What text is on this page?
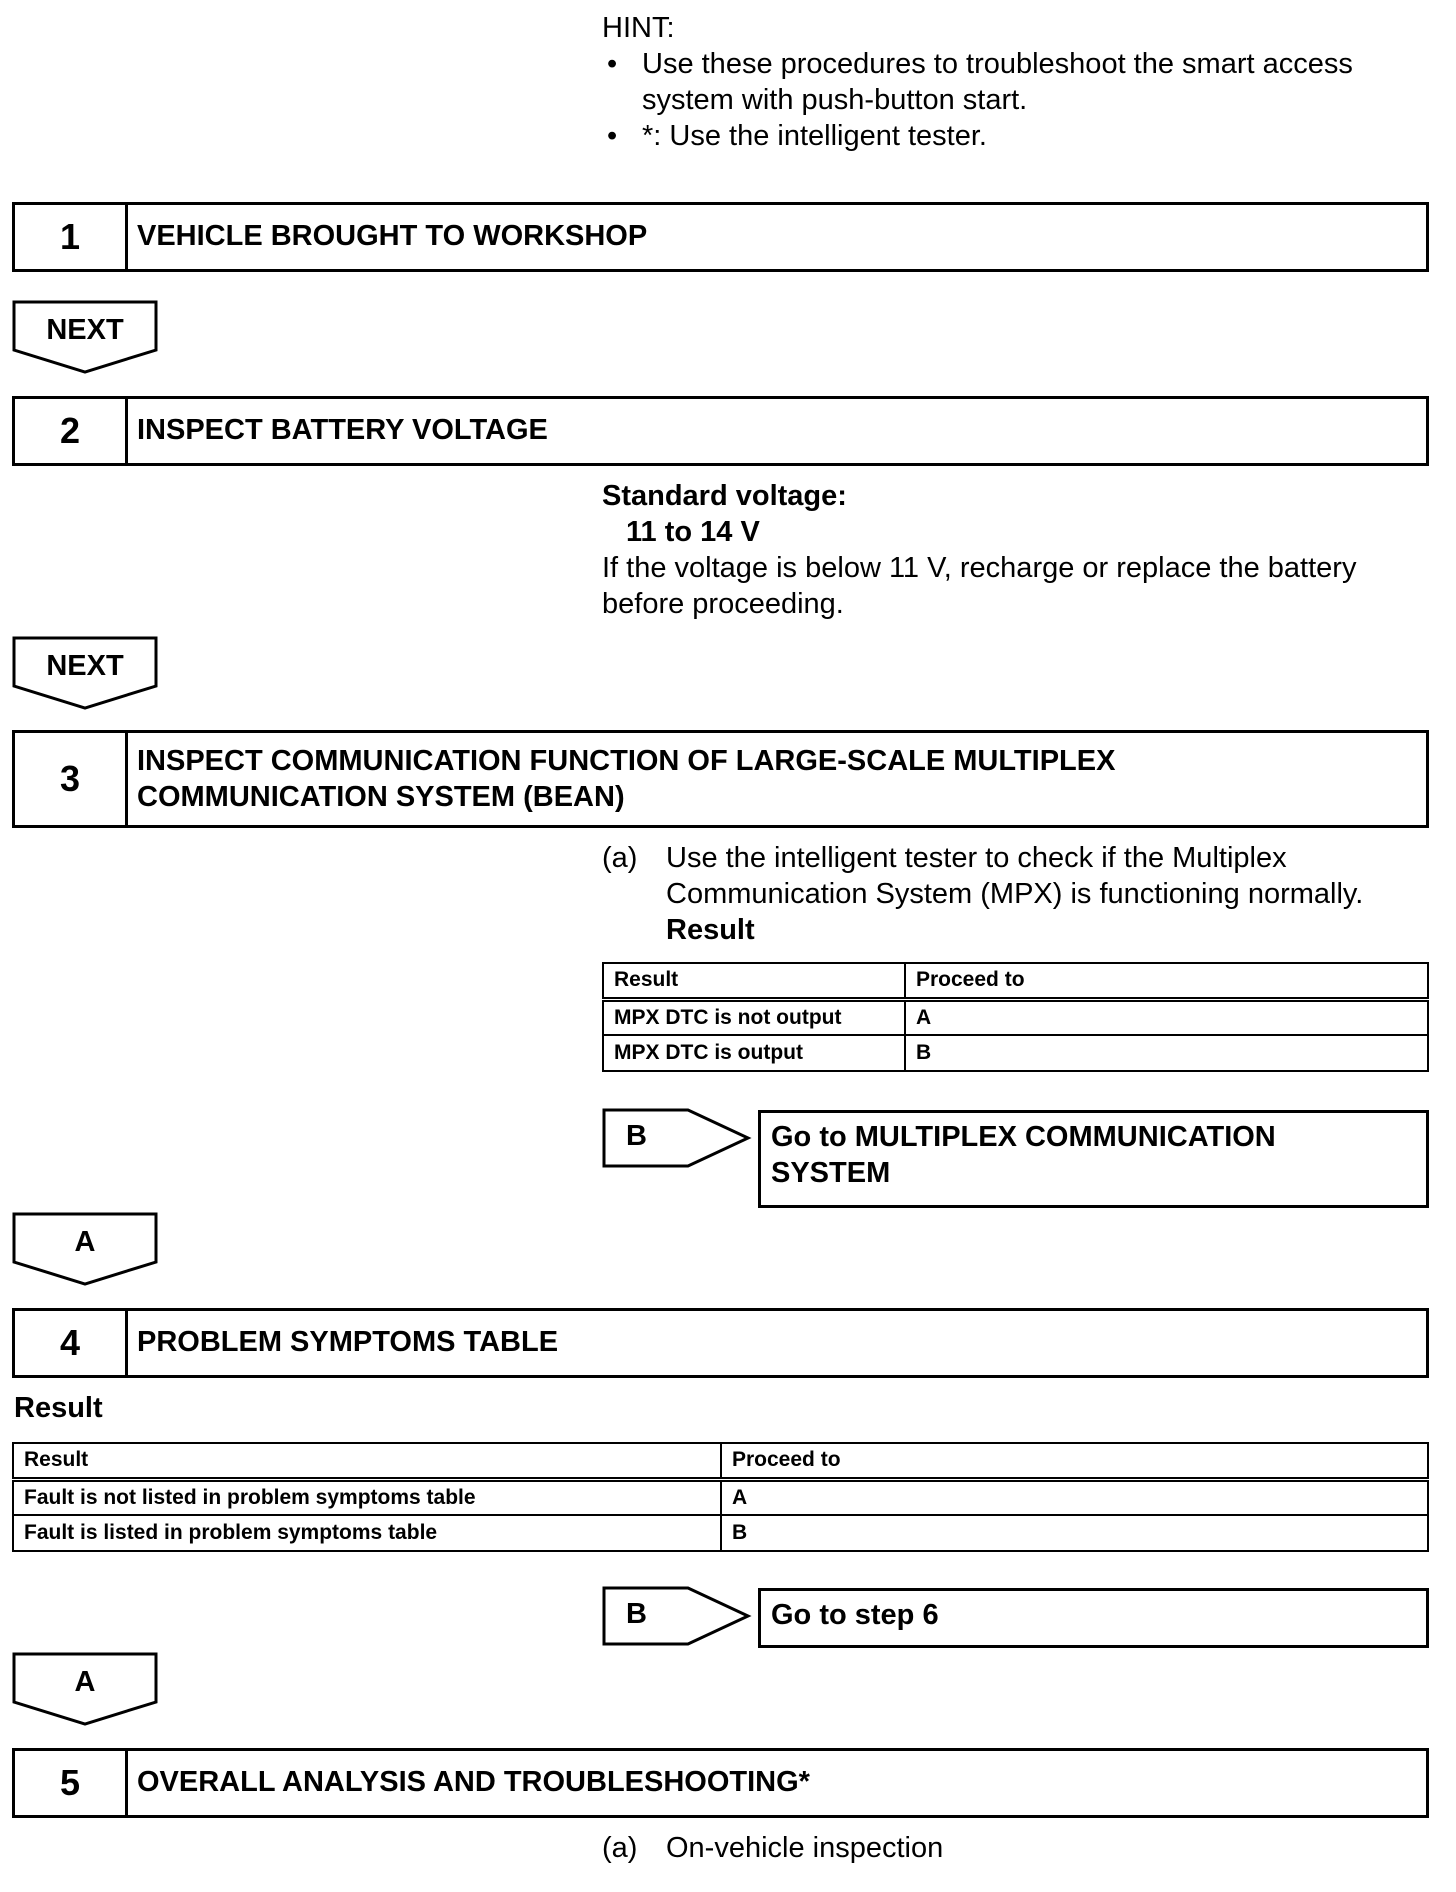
HINT:
• Use these procedures to troubleshoot the smart access
system with push-button start.
• *: Use the intelligent tester.
1	VEHICLE BROUGHT TO WORKSHOP
NEXT
2	INSPECT BATTERY VOLTAGE
Standard voltage:
11 to 14 V
If the voltage is below 11 V, recharge or replace the battery
before proceeding.
NEXT
3	INSPECT COMMUNICATION FUNCTION OF LARGE-SCALE MULTIPLEX
COMMUNICATION SYSTEM (BEAN)
(a) Use the intelligent tester to check if the Multiplex
Communication System (MPX) is functioning normally.
Result
Result	Proceed to
MPX DTC is not output	A
MPX DTC is output	B
B	Go to MULTIPLEX COMMUNICATION
SYSTEM
A
4	PROBLEM SYMPTOMS TABLE
Result
Result	Proceed to
Fault is not listed in problem symptoms table	A
Fault is listed in problem symptoms table	B
B	Go to step 6
A
5	OVERALL ANALYSIS AND TROUBLESHOOTING*
(a) On-vehicle inspection
